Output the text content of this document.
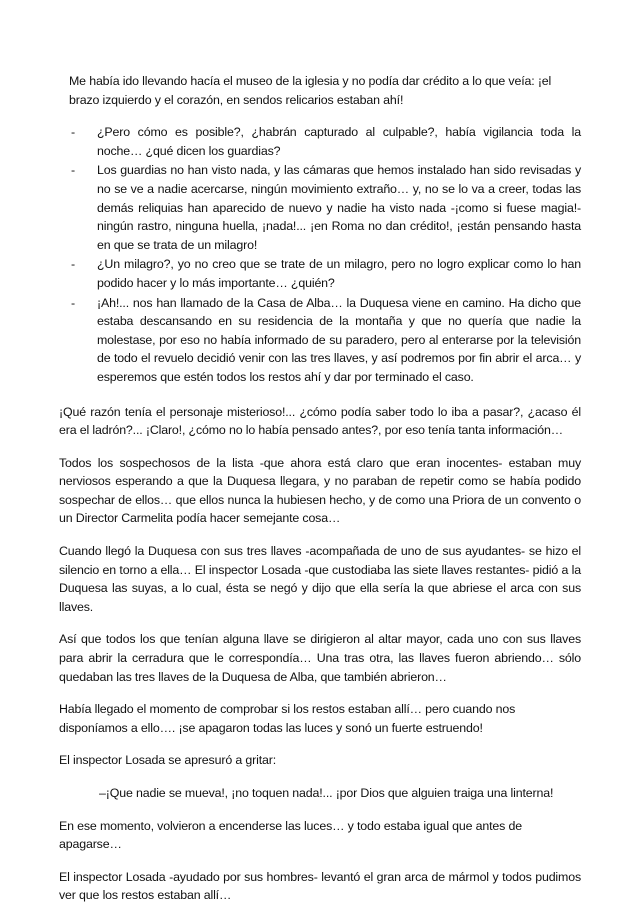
Me había ido llevando hacía el museo de la iglesia y no podía dar crédito a lo que veía: ¡el brazo izquierdo y el corazón, en sendos relicarios estaban ahí!

- ¿Pero cómo es posible?, ¿habrán capturado al culpable?, había vigilancia toda la noche… ¿qué dicen los guardias?
- Los guardias no han visto nada, y las cámaras que hemos instalado han sido revisadas y no se ve a nadie acercarse, ningún movimiento extraño… y, no se lo va a creer, todas las demás reliquias han aparecido de nuevo y nadie ha visto nada -¡como si fuese magia!- ningún rastro, ninguna huella, ¡nada!... ¡en Roma no dan crédito!, ¡están pensando hasta en que se trata de un milagro!
- ¿Un milagro?, yo no creo que se trate de un milagro, pero no logro explicar como lo han podido hacer y lo más importante… ¿quién?
- ¡Ah!... nos han llamado de la Casa de Alba… la Duquesa viene en camino. Ha dicho que estaba descansando en su residencia de la montaña y que no quería que nadie la molestase, por eso no había informado de su paradero, pero al enterarse por la televisión de todo el revuelo decidió venir con las tres llaves, y así podremos por fin abrir el arca… y esperemos que estén todos los restos ahí y dar por terminado el caso.

¡Qué razón tenía el personaje misterioso!... ¿cómo podía saber todo lo iba a pasar?, ¿acaso él era el ladrón?... ¡Claro!, ¿cómo no lo había pensado antes?, por eso tenía tanta información…

Todos los sospechosos de la lista -que ahora está claro que eran inocentes- estaban muy nerviosos esperando a que la Duquesa llegara, y no paraban de repetir como se había podido sospechar de ellos… que ellos nunca la hubiesen hecho, y de como una Priora de un convento o un Director Carmelita podía hacer semejante cosa…

Cuando llegó la Duquesa con sus tres llaves -acompañada de uno de sus ayudantes- se hizo el silencio en torno a ella… El inspector Losada -que custodiaba las siete llaves restantes- pidió a la Duquesa las suyas, a lo cual, ésta se negó y dijo que ella sería la que abriese el arca con sus llaves.

Así que todos los que tenían alguna llave se dirigieron al altar mayor, cada uno con sus llaves para abrir la cerradura que le correspondía… Una tras otra, las llaves fueron abriendo… sólo quedaban las tres llaves de la Duquesa de Alba, que también abrieron…

Había llegado el momento de comprobar si los restos estaban allí… pero cuando nos disponíamos a ello…. ¡se apagaron todas las luces y sonó un fuerte estruendo!

El inspector Losada se apresuró a gritar:

–¡Que nadie se mueva!, ¡no toquen nada!... ¡por Dios que alguien traiga una linterna!

En ese momento, volvieron a encenderse las luces… y todo estaba igual que antes de apagarse…

El inspector Losada -ayudado por sus hombres- levantó el gran arca de mármol y todos pudimos ver que los restos estaban allí…
